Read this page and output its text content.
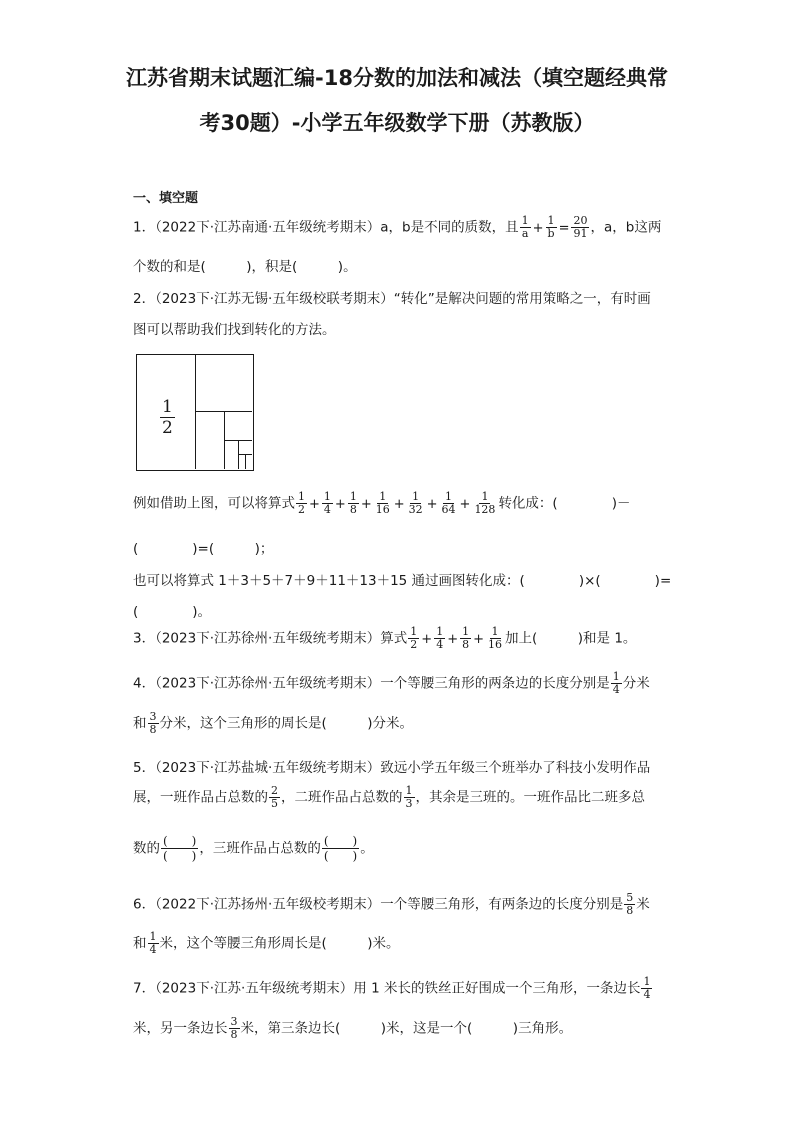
江苏省期末试题汇编-18分数的加法和减法（填空题经典常
考30题）-小学五年级数学下册（苏教版）
一、填空题
1．（2022下·江苏南通·五年级统考期末）a，b是不同的质数，且 $\frac{1}{a} + \frac{1}{b} = \frac{20}{91}$ ，a，b这两
个数的和是(　　　)，积是(　　　)。
2．（2023下·江苏无锡·五年级校联考期末）“转化”是解决问题的常用策略之一，有时画
图可以帮助我们找到转化的方法。
$\frac{1}{2}$
例如借助上图，可以将算式 $\frac{1}{2} + \frac{1}{4} + \frac{1}{8} + \frac{1}{16} + \frac{1}{32} + \frac{1}{64} + \frac{1}{128}$ 转化成：(　　　　)－
(　　　　)=(　　　)；
也可以将算式 1＋3＋5＋7＋9＋11＋13＋15 通过画图转化成：(　　　　)×(　　　　)=
(　　　　)。
3．（2023下·江苏徐州·五年级统考期末）算式 $\frac{1}{2} + \frac{1}{4} + \frac{1}{8} + \frac{1}{16}$ 加上(　　　)和是 1。
4．（2023下·江苏徐州·五年级统考期末）一个等腰三角形的两条边的长度分别是 $\frac{1}{4}$ 分米
和 $\frac{3}{8}$ 分米，这个三角形的周长是(　　　)分米。
5．（2023下·江苏盐城·五年级统考期末）致远小学五年级三个班举办了科技小发明作品
展，一班作品占总数的 $\frac{2}{5}$ ，二班作品占总数的 $\frac{1}{3}$ ，其余是三班的。一班作品比二班多总
数的 $\frac{( )}{( )}$ ，三班作品占总数的 $\frac{( )}{( )}$ 。
6．（2022下·江苏扬州·五年级校考期末）一个等腰三角形，有两条边的长度分别是 $\frac{5}{8}$ 米
和 $\frac{1}{4}$ 米，这个等腰三角形周长是(　　　)米。
7．（2023下·江苏·五年级统考期末）用 1 米长的铁丝正好围成一个三角形，一条边长 $\frac{1}{4}$
米，另一条边长 $\frac{3}{8}$ 米，第三条边长(　　　)米，这是一个(　　　)三角形。
